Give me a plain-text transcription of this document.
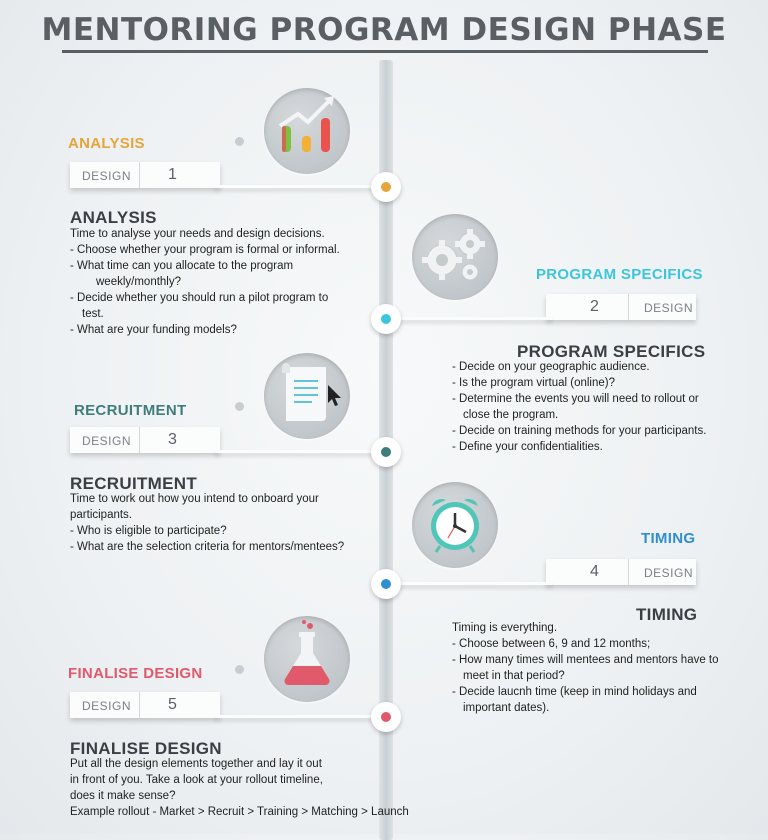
MENTORING PROGRAM DESIGN PHASE
ANALYSIS
DESIGN 1
ANALYSIS
Time to analyse your needs and design decisions.
- Choose whether your program is formal or informal.
- What time can you allocate to the program
weekly/monthly?
- Decide whether you should run a pilot program to
test.
- What are your funding models?
PROGRAM SPECIFICS
2	DESIGN
PROGRAM SPECIFICS
- Decide on your geographic audience.
- Is the program virtual (online)?
- Determine the events you will need to rollout or
close the program.
- Decide on training methods for your participants.
- Define your confidentialities.
RECRUITMENT
DESIGN 3
RECRUITMENT
Time to work out how you intend to onboard your
participants.
- Who is eligible to participate?
- What are the selection criteria for mentors/mentees?	TIMING
4	DESIGN
TIMING
Timing is everything.
- Choose between 6, 9 and 12 months;
- How many times will mentees and mentors have to
meet in that period?
- Decide laucnh time (keep in mind holidays and
important dates).
FINALISE DESIGN
DESIGN 5
FINALISE DESIGN
Put all the design elements together and lay it out
in front of you. Take a look at your rollout timeline,
does it make sense?
Example rollout - Market > Recruit > Training > Matching > Launch
